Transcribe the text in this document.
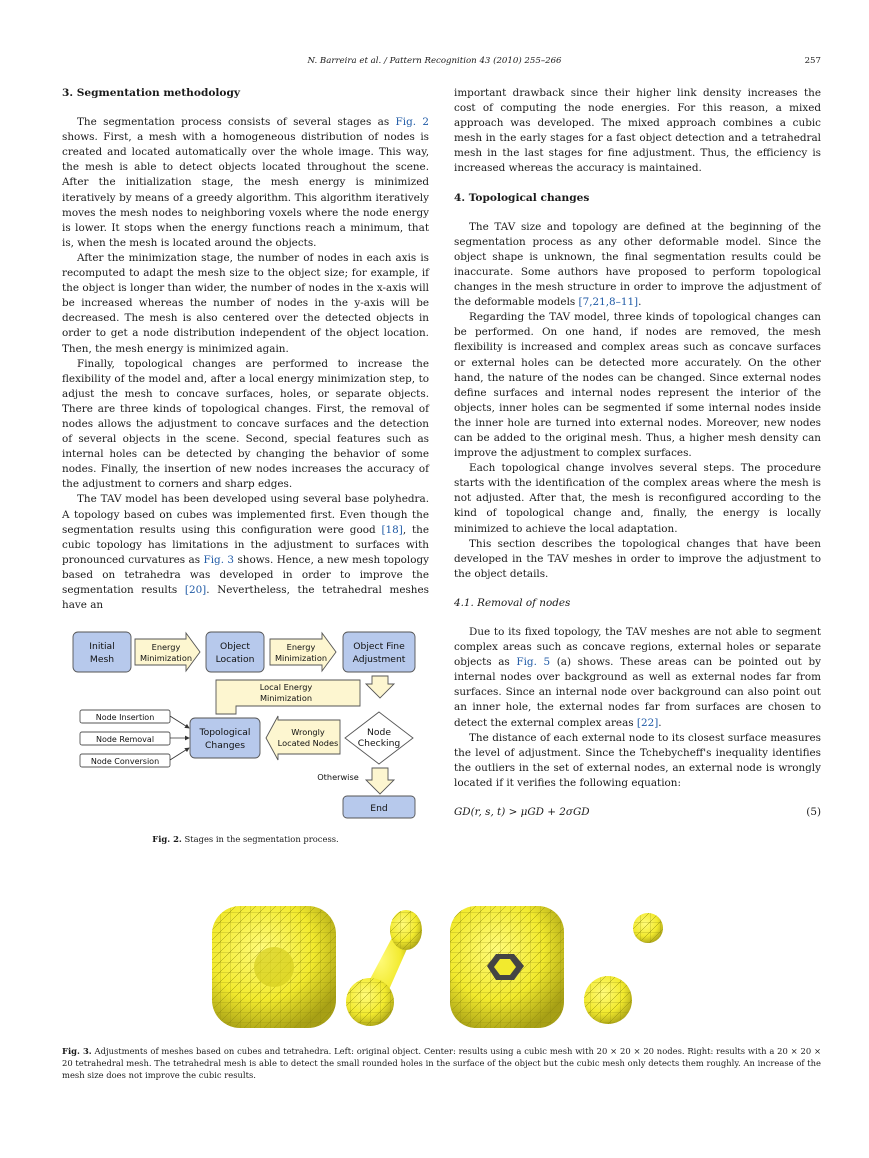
N. Barreira et al. / Pattern Recognition 43 (2010) 255–266	257
3. Segmentation methodology

The segmentation process consists of several stages as Fig. 2 shows. First, a mesh with a homogeneous distribution of nodes is created and located automatically over the whole image. This way, the mesh is able to detect objects located throughout the scene. After the initialization stage, the mesh energy is minimized iteratively by means of a greedy algorithm. This algorithm iteratively moves the mesh nodes to neighboring voxels where the node energy is lower. It stops when the energy functions reach a minimum, that is, when the mesh is located around the objects.

After the minimization stage, the number of nodes in each axis is recomputed to adapt the mesh size to the object size; for example, if the object is longer than wider, the number of nodes in the x-axis will be increased whereas the number of nodes in the y-axis will be decreased. The mesh is also centered over the detected objects in order to get a node distribution independent of the object location. Then, the mesh energy is minimized again.

Finally, topological changes are performed to increase the flexibility of the model and, after a local energy minimization step, to adjust the mesh to concave surfaces, holes, or separate objects. There are three kinds of topological changes. First, the removal of nodes allows the adjustment to concave surfaces and the detection of several objects in the scene. Second, special features such as internal holes can be detected by changing the behavior of some nodes. Finally, the insertion of new nodes increases the accuracy of the adjustment to corners and sharp edges.

The TAV model has been developed using several base polyhedra. A topology based on cubes was implemented first. Even though the segmentation results using this configuration were good [18], the cubic topology has limitations in the adjustment to surfaces with pronounced curvatures as Fig. 3 shows. Hence, a new mesh topology based on tetrahedra was developed in order to improve the segmentation results [20]. Nevertheless, the tetrahedral meshes have an

important drawback since their higher link density increases the cost of computing the node energies. For this reason, a mixed approach was developed. The mixed approach combines a cubic mesh in the early stages for a fast object detection and a tetrahedral mesh in the last stages for fine adjustment. Thus, the efficiency is increased whereas the accuracy is maintained.

4. Topological changes

The TAV size and topology are defined at the beginning of the segmentation process as any other deformable model. Since the object shape is unknown, the final segmentation results could be inaccurate. Some authors have proposed to perform topological changes in the mesh structure in order to improve the adjustment of the deformable models [7,21,8–11].

Regarding the TAV model, three kinds of topological changes can be performed. On one hand, if nodes are removed, the mesh flexibility is increased and complex areas such as concave surfaces or external holes can be detected more accurately. On the other hand, the nature of the nodes can be changed. Since external nodes define surfaces and internal nodes represent the interior of the objects, inner holes can be segmented if some internal nodes inside the inner hole are turned into external nodes. Moreover, new nodes can be added to the original mesh. Thus, a higher mesh density can improve the adjustment to complex surfaces.

Each topological change involves several steps. The procedure starts with the identification of the complex areas where the mesh is not adjusted. After that, the mesh is reconfigured according to the kind of topological change and, finally, the energy is locally minimized to achieve the local adaptation.

This section describes the topological changes that have been developed in the TAV meshes in order to improve the adjustment to the object details.

4.1. Removal of nodes

Due to its fixed topology, the TAV meshes are not able to segment complex areas such as concave regions, external holes or separate objects as Fig. 5 (a) shows. These areas can be pointed out by internal nodes over background as well as external nodes far from surfaces. Since an internal node over background can also point out an inner hole, the external nodes far from surfaces are chosen to detect the external complex areas [22].

The distance of each external node to its closest surface measures the level of adjustment. Since the Tchebycheff's inequality identifies the outliers in the set of external nodes, an external node is wrongly located if it verifies the following equation:

GD(r, s, t) > μGD + 2σGD	(5)
Initial
Mesh
Energy
Minimization
Object
Location
Energy
Minimization
Object Fine
Adjustment
Local Energy
Minimization
Node Insertion
Node Removal
Node Conversion
Topological
Changes
Wrongly
Located Nodes
Node
Checking
Otherwise
End
Fig. 2. Stages in the segmentation process.
Fig. 3. Adjustments of meshes based on cubes and tetrahedra. Left: original object. Center: results using a cubic mesh with 20 × 20 × 20 nodes. Right: results with a 20 × 20 × 20 tetrahedral mesh. The tetrahedral mesh is able to detect the small rounded holes in the surface of the object but the cubic mesh only detects them roughly. An increase of the mesh size does not improve the cubic results.
